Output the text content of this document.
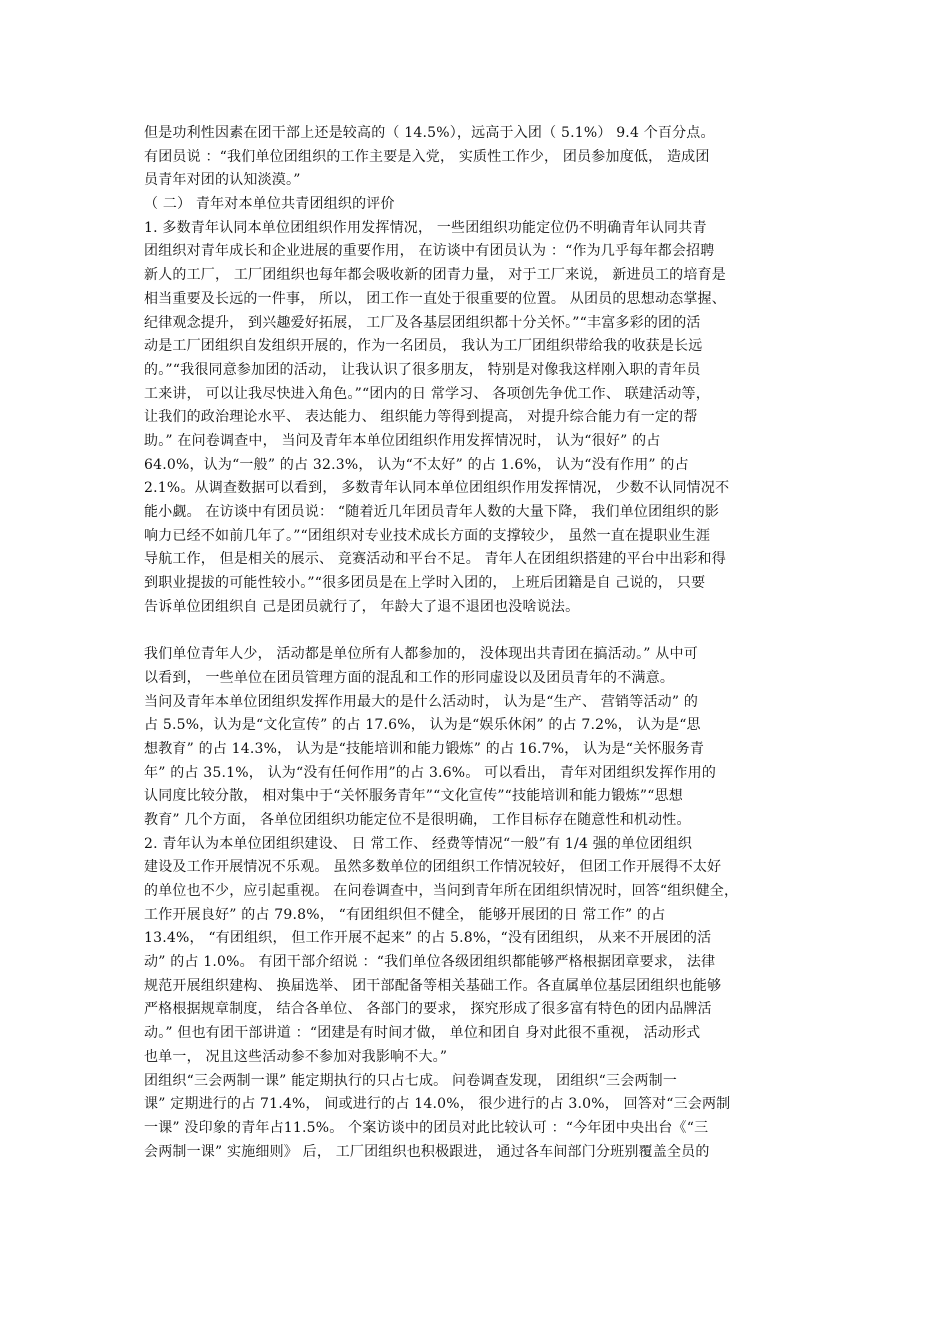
但是功利性因素在团干部上还是较高的（ 14.5%），远高于入团（ 5.1%） 9.4 个百分点。
有团员说 ：“我们单位团组织的工作主要是入党， 实质性工作少， 团员参加度低， 造成团
员青年对团的认知淡漠。”
（ 二） 青年对本单位共青团组织的评价
1. 多数青年认同本单位团组织作用发挥情况， 一些团组织功能定位仍不明确青年认同共青
团组织对青年成长和企业进展的重要作用， 在访谈中有团员认为 ：“作为几乎每年都会招聘
新人的工厂， 工厂团组织也每年都会吸收新的团青力量， 对于工厂来说， 新进员工的培育是
相当重要及长远的一件事， 所以， 团工作一直处于很重要的位置。 从团员的思想动态掌握、
纪律观念提升， 到兴趣爱好拓展， 工厂及各基层团组织都十分关怀。”“丰富多彩的团的活
动是工厂团组织自发组织开展的，作为一名团员， 我认为工厂团组织带给我的收获是长远
的。”“我很同意参加团的活动， 让我认识了很多朋友， 特别是对像我这样刚入职的青年员
工来讲， 可以让我尽快进入角色。”“团内的日 常学习、 各项创先争优工作、 联建活动等，
让我们的政治理论水平、 表达能力、 组织能力等得到提高， 对提升综合能力有一定的帮
助。” 在问卷调查中， 当问及青年本单位团组织作用发挥情况时， 认为“很好” 的占
64.0%，认为“一般” 的占 32.3%， 认为“不太好” 的占 1.6%， 认为“没有作用” 的占
2.1%。从调查数据可以看到， 多数青年认同本单位团组织作用发挥情况， 少数不认同情况不
能小觑。 在访谈中有团员说： “随着近几年团员青年人数的大量下降， 我们单位团组织的影
响力已经不如前几年了。”“团组织对专业技术成长方面的支撑较少， 虽然一直在提职业生涯
导航工作， 但是相关的展示、 竞赛活动和平台不足。 青年人在团组织搭建的平台中出彩和得
到职业提拔的可能性较小。”“很多团员是在上学时入团的， 上班后团籍是自 己说的， 只要
告诉单位团组织自 己是团员就行了， 年龄大了退不退团也没啥说法。
我们单位青年人少， 活动都是单位所有人都参加的， 没体现出共青团在搞活动。” 从中可
以看到， 一些单位在团员管理方面的混乱和工作的形同虚设以及团员青年的不满意。
当问及青年本单位团组织发挥作用最大的是什么活动时， 认为是“生产、 营销等活动” 的
占 5.5%，认为是“文化宣传” 的占 17.6%， 认为是“娱乐休闲” 的占 7.2%， 认为是“思
想教育” 的占 14.3%， 认为是“技能培训和能力锻炼” 的占 16.7%， 认为是“关怀服务青
年” 的占 35.1%， 认为“没有任何作用”的占 3.6%。 可以看出， 青年对团组织发挥作用的
认同度比较分散， 相对集中于“关怀服务青年”“文化宣传”“技能培训和能力锻炼”“思想
教育” 几个方面， 各单位团组织功能定位不是很明确， 工作目标存在随意性和机动性。
2. 青年认为本单位团组织建设、 日 常工作、 经费等情况“一般”有 1/4 强的单位团组织
建设及工作开展情况不乐观。 虽然多数单位的团组织工作情况较好， 但团工作开展得不太好
的单位也不少，应引起重视。 在问卷调查中，当问到青年所在团组织情况时，回答“组织健全，
工作开展良好” 的占 79.8%， “有团组织但不健全， 能够开展团的日 常工作” 的占
13.4%， “有团组织， 但工作开展不起来” 的占 5.8%，“没有团组织， 从来不开展团的活
动” 的占 1.0%。 有团干部介绍说 ：“我们单位各级团组织都能够严格根据团章要求， 法律
规范开展组织建构、 换届选举、 团干部配备等相关基础工作。各直属单位基层团组织也能够
严格根据规章制度， 结合各单位、 各部门的要求， 探究形成了很多富有特色的团内品牌活
动。” 但也有团干部讲道 ：“团建是有时间才做， 单位和团自 身对此很不重视， 活动形式
也单一， 况且这些活动参不参加对我影响不大。”
团组织“三会两制一课” 能定期执行的只占七成。 问卷调查发现， 团组织“三会两制一
课” 定期进行的占 71.4%， 间或进行的占 14.0%， 很少进行的占 3.0%， 回答对“三会两制
一课” 没印象的青年占11.5%。 个案访谈中的团员对此比较认可 ：“今年团中央出台《“三
会两制一课” 实施细则》 后， 工厂团组织也积极跟进， 通过各车间部门分班别覆盖全员的
